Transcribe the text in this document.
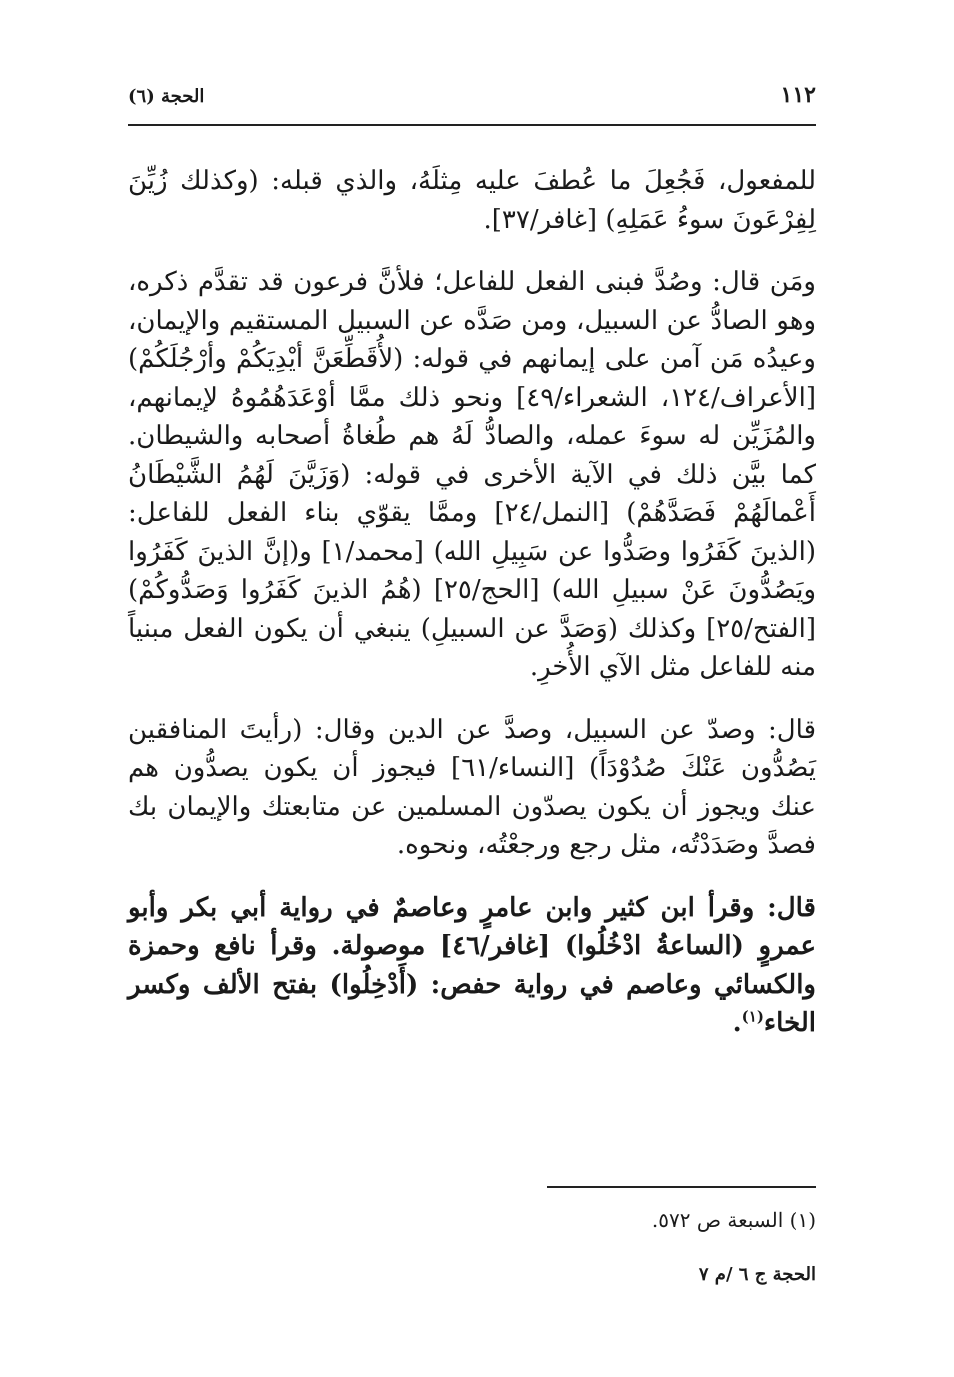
١١٢
الحجة (٦)

للمفعول، فَجُعِلَ ما عُطفَ عليه مِثلَهُ، والذي قبله: (وكذلك زُيِّنَ لِفِرْعَونَ سوءُ عَمَلِهِ) [غافر/٣٧].

ومَن قال: وصُدَّ فبنى الفعل للفاعل؛ فلأنَّ فرعون قد تقدَّم ذكره، وهو الصادُّ عن السبيل، ومن صَدَّه عن السبيل المستقيم والإيمان، وعيدُه مَن آمن على إيمانهم في قوله: (لأُقَطِّعَنَّ أيْدِيَكُمْ وأرْجُلَكُمْ) [الأعراف/١٢٤، الشعراء/٤٩] ونحو ذلك ممَّا أوْعَدَهُمُوهُ لإيمانهم، والمُزَيِّن له سوءَ عمله، والصادُّ لَهُ هم طُغاةُ أصحابه والشيطان. كما بيَّن ذلك في الآية الأخرى في قوله: (وَزَيَّنَ لَهُمُ الشَّيْطَانُ أَعْمالَهُمْ فَصَدَّهُمْ) [النمل/٢٤] وممَّا يقوّي بناء الفعل للفاعل: (الذينَ كَفَرُوا وصَدُّوا عن سَبِيلِ الله) [محمد/١] و(إنَّ الذينَ كَفَرُوا ويَصُدُّونَ عَنْ سبيلِ الله) [الحج/٢٥] (هُمُ الذينَ كَفَرُوا وَصَدُّوكُمْ) [الفتح/٢٥] وكذلك (وَصَدَّ عن السبيلِ) ينبغي أن يكون الفعل مبنياً منه للفاعل مثل الآي الأُخرِ.

قال: وصدّ عن السبيل، وصدَّ عن الدين وقال: (رأيتَ المنافقين يَصُدُّون عَنْكَ صُدُوْدَاً) [النساء/٦١] فيجوز أن يكون يصدُّون هم عنك ويجوز أن يكون يصدّون المسلمين عن متابعتك والإيمان بك فصدَّ وصَدَدْتُه، مثل رجع ورجعْتُه، ونحوه.

قال: وقرأ ابن كثير وابن عامرٍ وعاصمٌ في رواية أبي بكر وأبو عمروٍ (الساعةُ ادْخُلُوا) [غافر/٤٦] موصولة. وقرأ نافع وحمزة والكسائي وعاصم في رواية حفص: (أَدْخِلُوا) بفتح الألف وكسر الخاء$^{(١)}$.

(١) السبعة ص ٥٧٢.
الحجة ج ٦ /م ٧
